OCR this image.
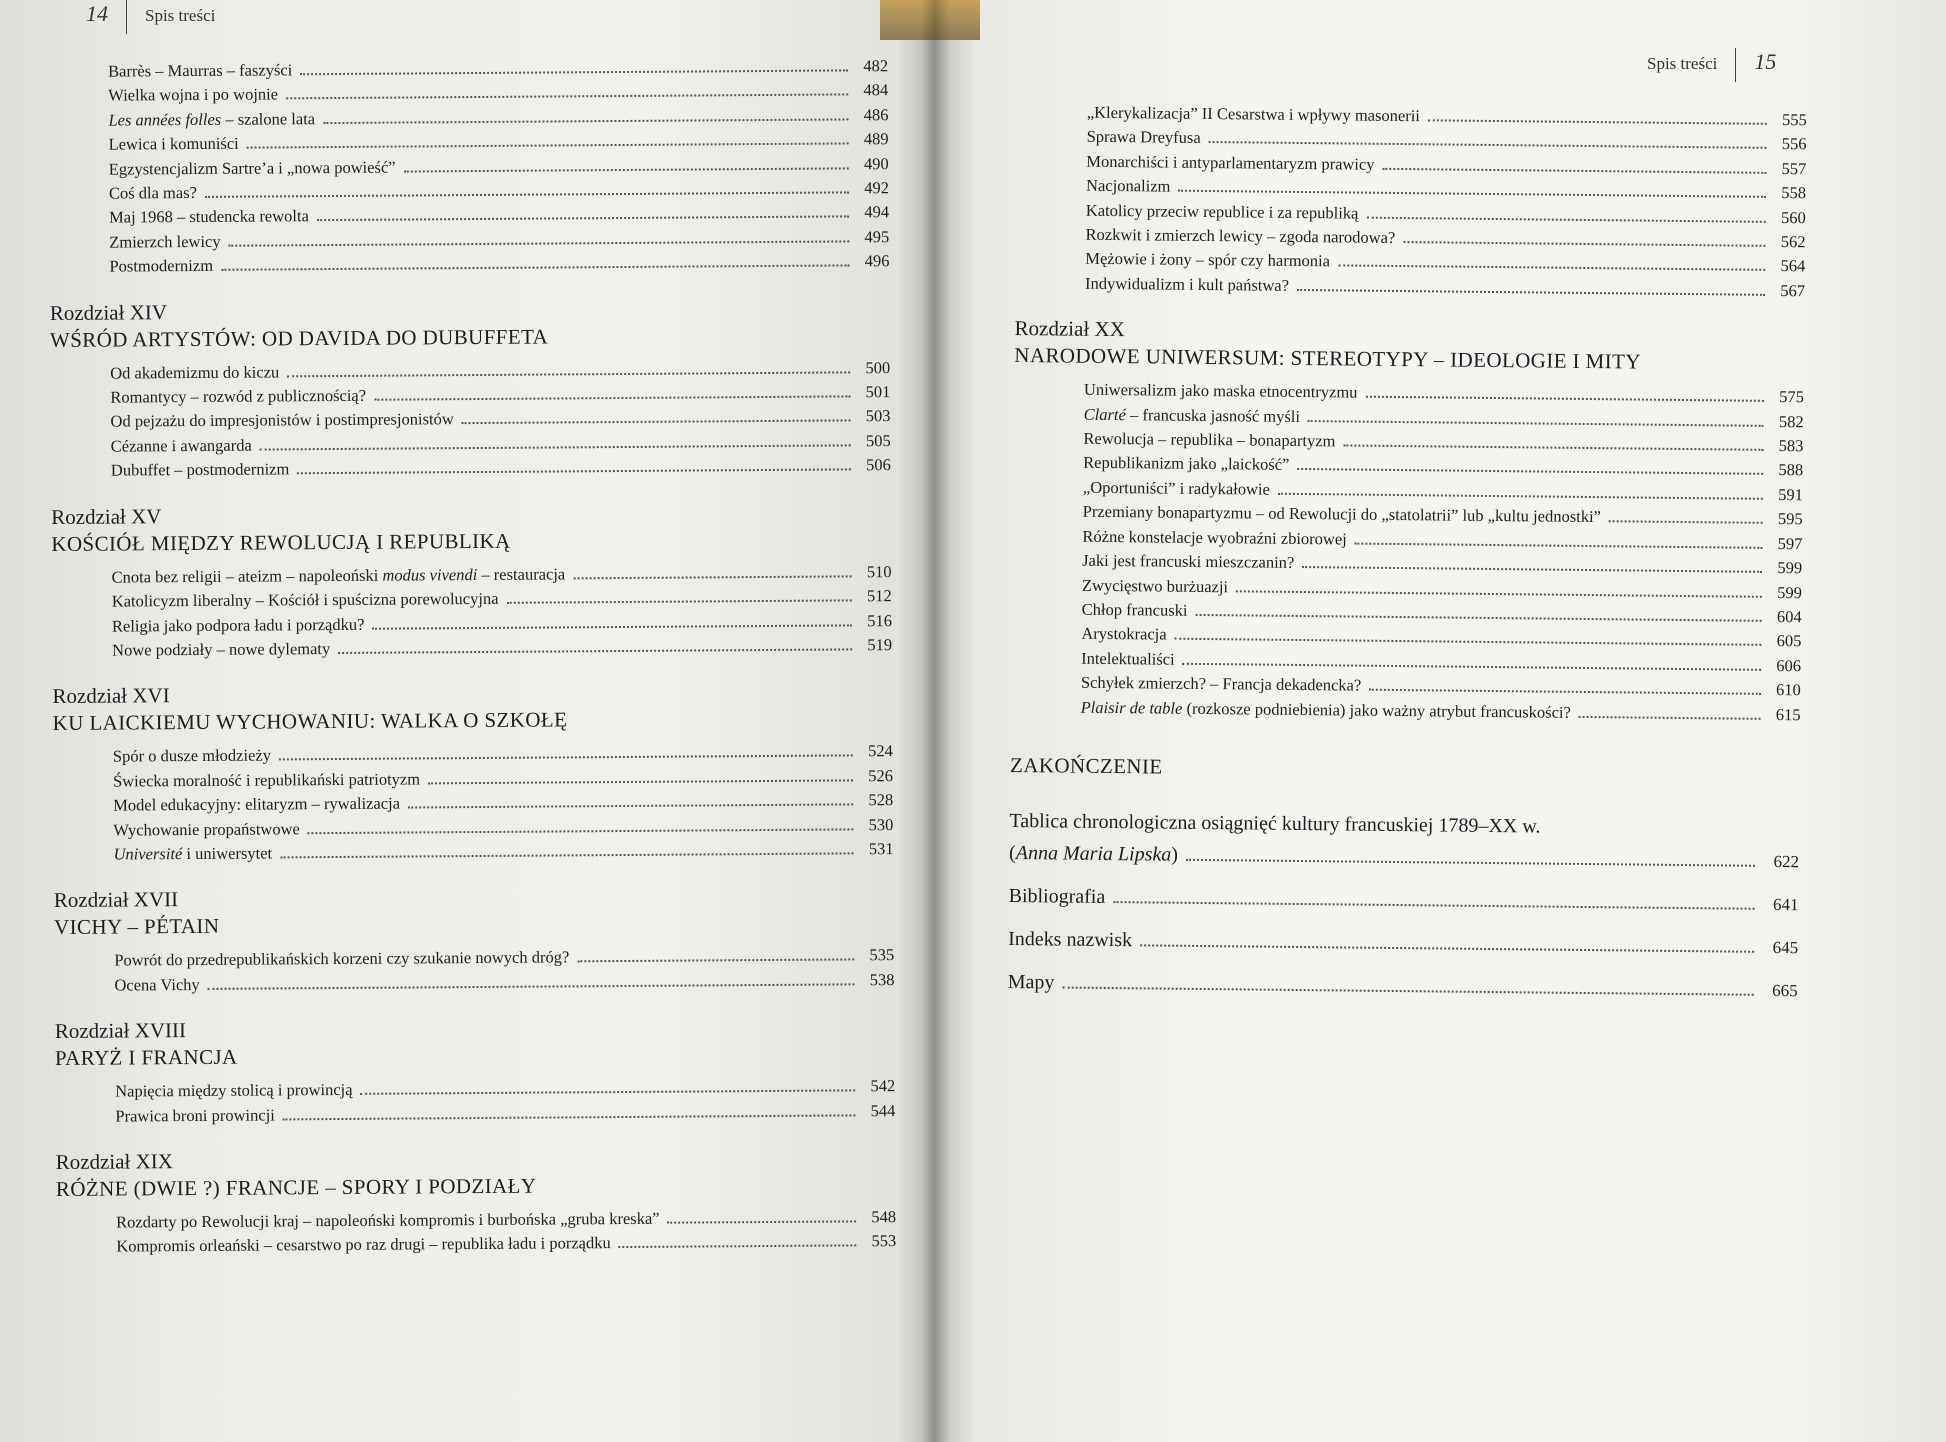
14 Spis treści
Barrès – Maurras – faszyści	482
Wielka wojna i po wojnie	484
Les années folles – szalone lata	486
Lewica i komuniści	489
Egzystencjalizm Sartre’a i „nowa powieść”	490
Coś dla mas?	492
Maj 1968 – studencka rewolta	494
Zmierzch lewicy	495
Postmodernizm	496
Rozdział XIV
WŚRÓD ARTYSTÓW: OD DAVIDA DO DUBUFFETA
Od akademizmu do kiczu	500
Romantycy – rozwód z publicznością?	501
Od pejzażu do impresjonistów i postimpresjonistów	503
Cézanne i awangarda	505
Dubuffet – postmodernizm	506
Rozdział XV
KOŚCIÓŁ MIĘDZY REWOLUCJĄ I REPUBLIKĄ
Cnota bez religii – ateizm – napoleoński modus vivendi – restauracja	510
Katolicyzm liberalny – Kościół i spuścizna porewolucyjna	512
Religia jako podpora ładu i porządku?	516
Nowe podziały – nowe dylematy	519
Rozdział XVI
KU LAICKIEMU WYCHOWANIU: WALKA O SZKOŁĘ
Spór o dusze młodzieży	524
Świecka moralność i republikański patriotyzm	526
Model edukacyjny: elitaryzm – rywalizacja	528
Wychowanie propaństwowe	530
Université i uniwersytet	531
Rozdział XVII
VICHY – PÉTAIN
Powrót do przedrepublikańskich korzeni czy szukanie nowych dróg?	535
Ocena Vichy	538
Rozdział XVIII
PARYŻ I FRANCJA
Napięcia między stolicą i prowincją	542
Prawica broni prowincji	544
Rozdział XIX
RÓŻNE (DWIE ?) FRANCJE – SPORY I PODZIAŁY
Rozdarty po Rewolucji kraj – napoleoński kompromis i burbońska „gruba kreska”	548
Kompromis orleański – cesarstwo po raz drugi – republika ładu i porządku	553
Spis treści 15
„Klerykalizacja” II Cesarstwa i wpływy masonerii	555
Sprawa Dreyfusa	556
Monarchiści i antyparlamentaryzm prawicy	557
Nacjonalizm	558
Katolicy przeciw republice i za republiką	560
Rozkwit i zmierzch lewicy – zgoda narodowa?	562
Mężowie i żony – spór czy harmonia	564
Indywidualizm i kult państwa?	567
Rozdział XX
NARODOWE UNIWERSUM: STEREOTYPY – IDEOLOGIE I MITY
Uniwersalizm jako maska etnocentryzmu	575
Clarté – francuska jasność myśli	582
Rewolucja – republika – bonapartyzm	583
Republikanizm jako „laickość”	588
„Oportuniści” i radykałowie	591
Przemiany bonapartyzmu – od Rewolucji do „statolatrii” lub „kultu jednostki”	595
Różne konstelacje wyobraźni zbiorowej	597
Jaki jest francuski mieszczanin?	599
Zwycięstwo burżuazji	599
Chłop francuski	604
Arystokracja	605
Intelektualiści	606
Schyłek zmierzch? – Francja dekadencka?	610
Plaisir de table (rozkosze podniebienia) jako ważny atrybut francuskości?	615
ZAKOŃCZENIE
Tablica chronologiczna osiągnięć kultury francuskiej 1789–XX w.
(Anna Maria Lipska)	622
Bibliografia	641
Indeks nazwisk	645
Mapy	665
